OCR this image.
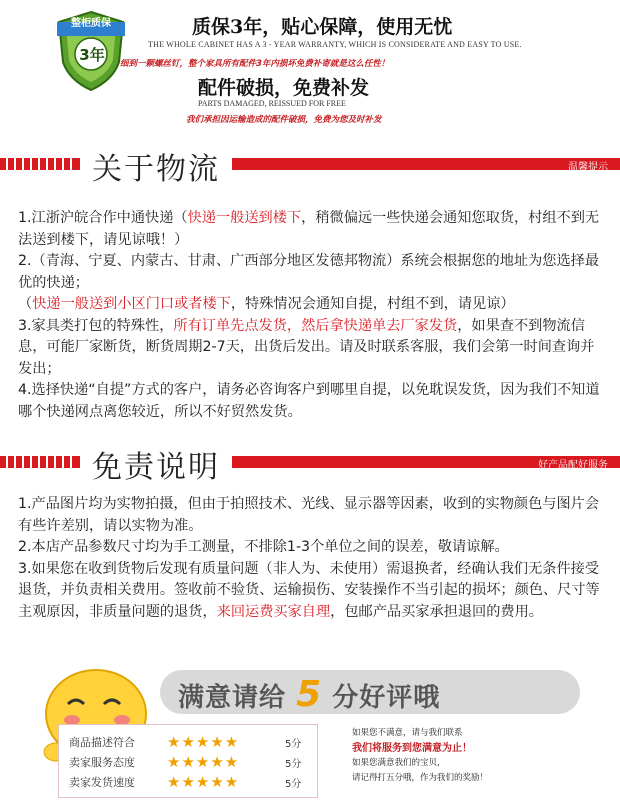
整柜质保
3年
质保3年，贴心保障，使用无忧
THE WHOLE CABINET HAS A 3 - YEAR WARRANTY, WHICH IS CONSIDERATE AND EASY TO USE.
细到一颗螺丝钉，整个家具所有配件3年内损坏免费补寄就是这么任性！
配件破损，免费补发
PARTS DAMAGED, REISSUED FOR FREE
我们承担因运输造成的配件破损，免费为您及时补发
关于物流	温馨提示

1.江浙沪皖合作中通快递（快递一般送到楼下，稍微偏远一些快递会通知您取货，村组不到无法送到楼下，请见谅哦！）

2.（青海、宁夏、内蒙古、甘肃、广西部分地区发德邦物流）系统会根据您的地址为您选择最优的快递；

（快递一般送到小区门口或者楼下，特殊情况会通知自提，村组不到，请见谅）

3.家具类打包的特殊性，所有订单先点发货，然后拿快递单去厂家发货，如果查不到物流信息，可能厂家断货，断货周期2-7天，出货后发出。请及时联系客服，我们会第一时间查询并发出；

4.选择快递“自提”方式的客户，请务必咨询客户到哪里自提，以免耽误发货，因为我们不知道哪个快递网点离您较近，所以不好贸然发货。

免责说明	好产品配好服务

1.产品图片均为实物拍摄，但由于拍照技术、光线、显示器等因素，收到的实物颜色与图片会有些许差别，请以实物为准。

2.本店产品参数尺寸均为手工测量，不排除1-3个单位之间的误差，敬请谅解。

3.如果您在收到货物后发现有质量问题（非人为、未使用）需退换者，经确认我们无条件接受退货，并负责相关费用。签收前不验货、运输损伤、安装操作不当引起的损坏；颜色、尺寸等主观原因，非质量问题的退货，来回运费买家自理，包邮产品买家承担退回的费用。

满意请给 5 分好评哦
商品描述符合	★★★★★	5分
卖家服务态度	★★★★★	5分
卖家发货速度	★★★★★	5分
如果您不满意，请与我们联系
我们将服务到您满意为止！
如果您满意我们的宝贝，
请记得打五分哦，作为我们的奖励！
